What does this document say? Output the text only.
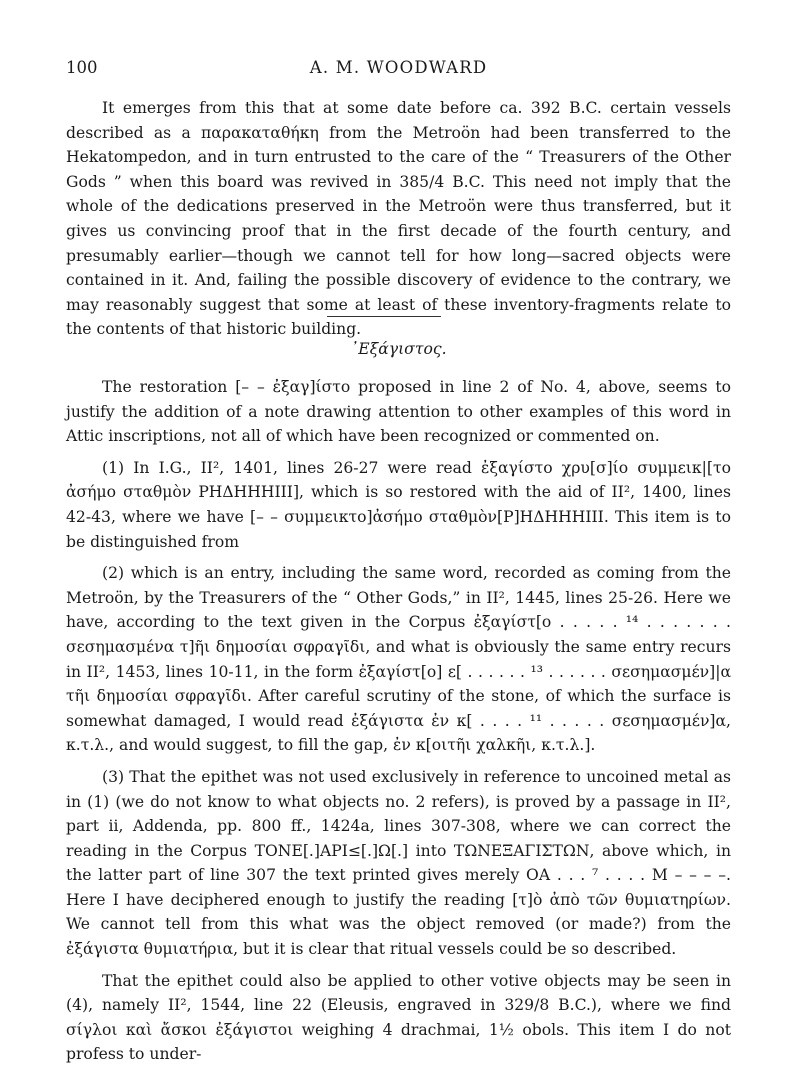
100	A. M. WOODWARD

It emerges from this that at some date before ca. 392 B.C. certain vessels described as a παρακαταθήκη from the Metroön had been transferred to the Hekatompedon, and in turn entrusted to the care of the “ Treasurers of the Other Gods ” when this board was revived in 385/4 B.C. This need not imply that the whole of the dedications preserved in the Metroön were thus transferred, but it gives us convincing proof that in the first decade of the fourth century, and presumably earlier—though we cannot tell for how long—sacred objects were contained in it. And, failing the possible discovery of evidence to the contrary, we may reasonably suggest that some at least of these inventory-fragments relate to the contents of that historic building.

᾿Εξάγιστος.

The restoration [– – ἐξαγ]ίστο proposed in line 2 of No. 4, above, seems to justify the addition of a note drawing attention to other examples of this word in Attic inscriptions, not all of which have been recognized or commented on.

(1) In I.G., II², 1401, lines 26-27 were read ἐξαγίστο χρυ[σ]ίο συμμεικ|[το ἀσήμο σταθμὸν ΡΗΔΗΗΗΙΙΙ], which is so restored with the aid of II², 1400, lines 42-43, where we have [– – συμμεικτο]ἀσήμο σταθμὸν[Ρ]ΗΔΗΗΗΙΙΙ. This item is to be distinguished from

(2) which is an entry, including the same word, recorded as coming from the Metroön, by the Treasurers of the “ Other Gods,” in II², 1445, lines 25-26. Here we have, according to the text given in the Corpus ἐξαγίστ[ο . . . . . ¹⁴ . . . . . . . σεσημασμένα τ]ῆι δημοσίαι σφραγῖδι, and what is obviously the same entry recurs in II², 1453, lines 10-11, in the form ἐξαγίστ[ο] ε[ . . . . . . ¹³ . . . . . . σεσημασμέν]|α τῆι δημοσίαι σφραγῖδι. After careful scrutiny of the stone, of which the surface is somewhat damaged, I would read ἐξάγιστα ἐν κ[ . . . . ¹¹ . . . . . σεσημασμέν]α, κ.τ.λ., and would suggest, to fill the gap, ἐν κ[οιτῆι χαλκῆι, κ.τ.λ.].

(3) That the epithet was not used exclusively in reference to uncoined metal as in (1) (we do not know to what objects no. 2 refers), is proved by a passage in II², part ii, Addenda, pp. 800 ff., 1424a, lines 307-308, where we can correct the reading in the Corpus TONE[.]API≤[.]Ω[.] into ΤΩΝΕΞΑΓΙΣΤΩΝ, above which, in the latter part of line 307 the text printed gives merely ΟΑ . . . ⁷ . . . . Μ – – – –. Here I have deciphered enough to justify the reading [τ]ὸ ἀπὸ τῶν θυμιατηρίων. We cannot tell from this what was the object removed (or made?) from the ἐξάγιστα θυμιατήρια, but it is clear that ritual vessels could be so described.

That the epithet could also be applied to other votive objects may be seen in (4), namely II², 1544, line 22 (Eleusis, engraved in 329/8 B.C.), where we find σίγλοι καὶ ἄσκοι ἐξάγιστοι weighing 4 drachmai, 1½ obols. This item I do not profess to under-
